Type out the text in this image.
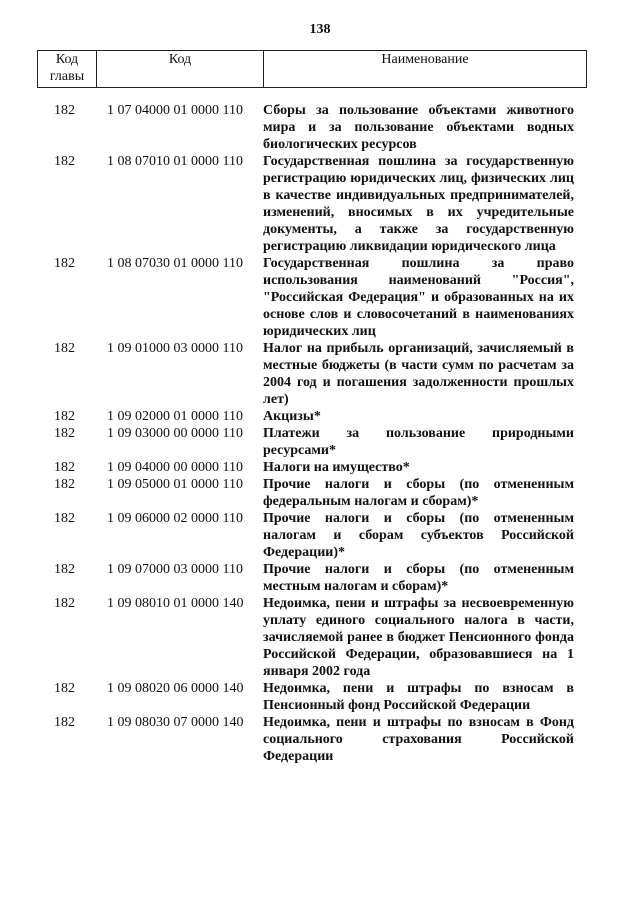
138
Код главы	Код	Наименование
182	1 07 04000 01 0000 110	Сборы за пользование объектами животного мира и за пользование объектами водных биологических ресурсов
182	1 08 07010 01 0000 110	Государственная пошлина за государственную регистрацию юридических лиц, физических лиц в качестве индивидуальных предпринимателей, изменений, вносимых в их учредительные документы, а также за государственную регистрацию ликвидации юридического лица
182	1 08 07030 01 0000 110	Государственная пошлина за право использования наименований "Россия", "Российская Федерация" и образованных на их основе слов и словосочетаний в наименованиях юридических лиц
182	1 09 01000 03 0000 110	Налог на прибыль организаций, зачисляемый в местные бюджеты (в части сумм по расчетам за 2004 год и погашения задолженности прошлых лет)
182	1 09 02000 01 0000 110	Акцизы*
182	1 09 03000 00 0000 110	Платежи за пользование природными ресурсами*
182	1 09 04000 00 0000 110	Налоги на имущество*
182	1 09 05000 01 0000 110	Прочие налоги и сборы (по отмененным федеральным налогам и сборам)*
182	1 09 06000 02 0000 110	Прочие налоги и сборы (по отмененным налогам и сборам субъектов Российской Федерации)*
182	1 09 07000 03 0000 110	Прочие налоги и сборы (по отмененным местным налогам и сборам)*
182	1 09 08010 01 0000 140	Недоимка, пени и штрафы за несвоевременную уплату единого социального налога в части, зачисляемой ранее в бюджет Пенсионного фонда Российской Федерации, образовавшиеся на 1 января 2002 года
182	1 09 08020 06 0000 140	Недоимка, пени и штрафы по взносам в Пенсионный фонд Российской Федерации
182	1 09 08030 07 0000 140	Недоимка, пени и штрафы по взносам в Фонд социального страхования Российской Федерации
